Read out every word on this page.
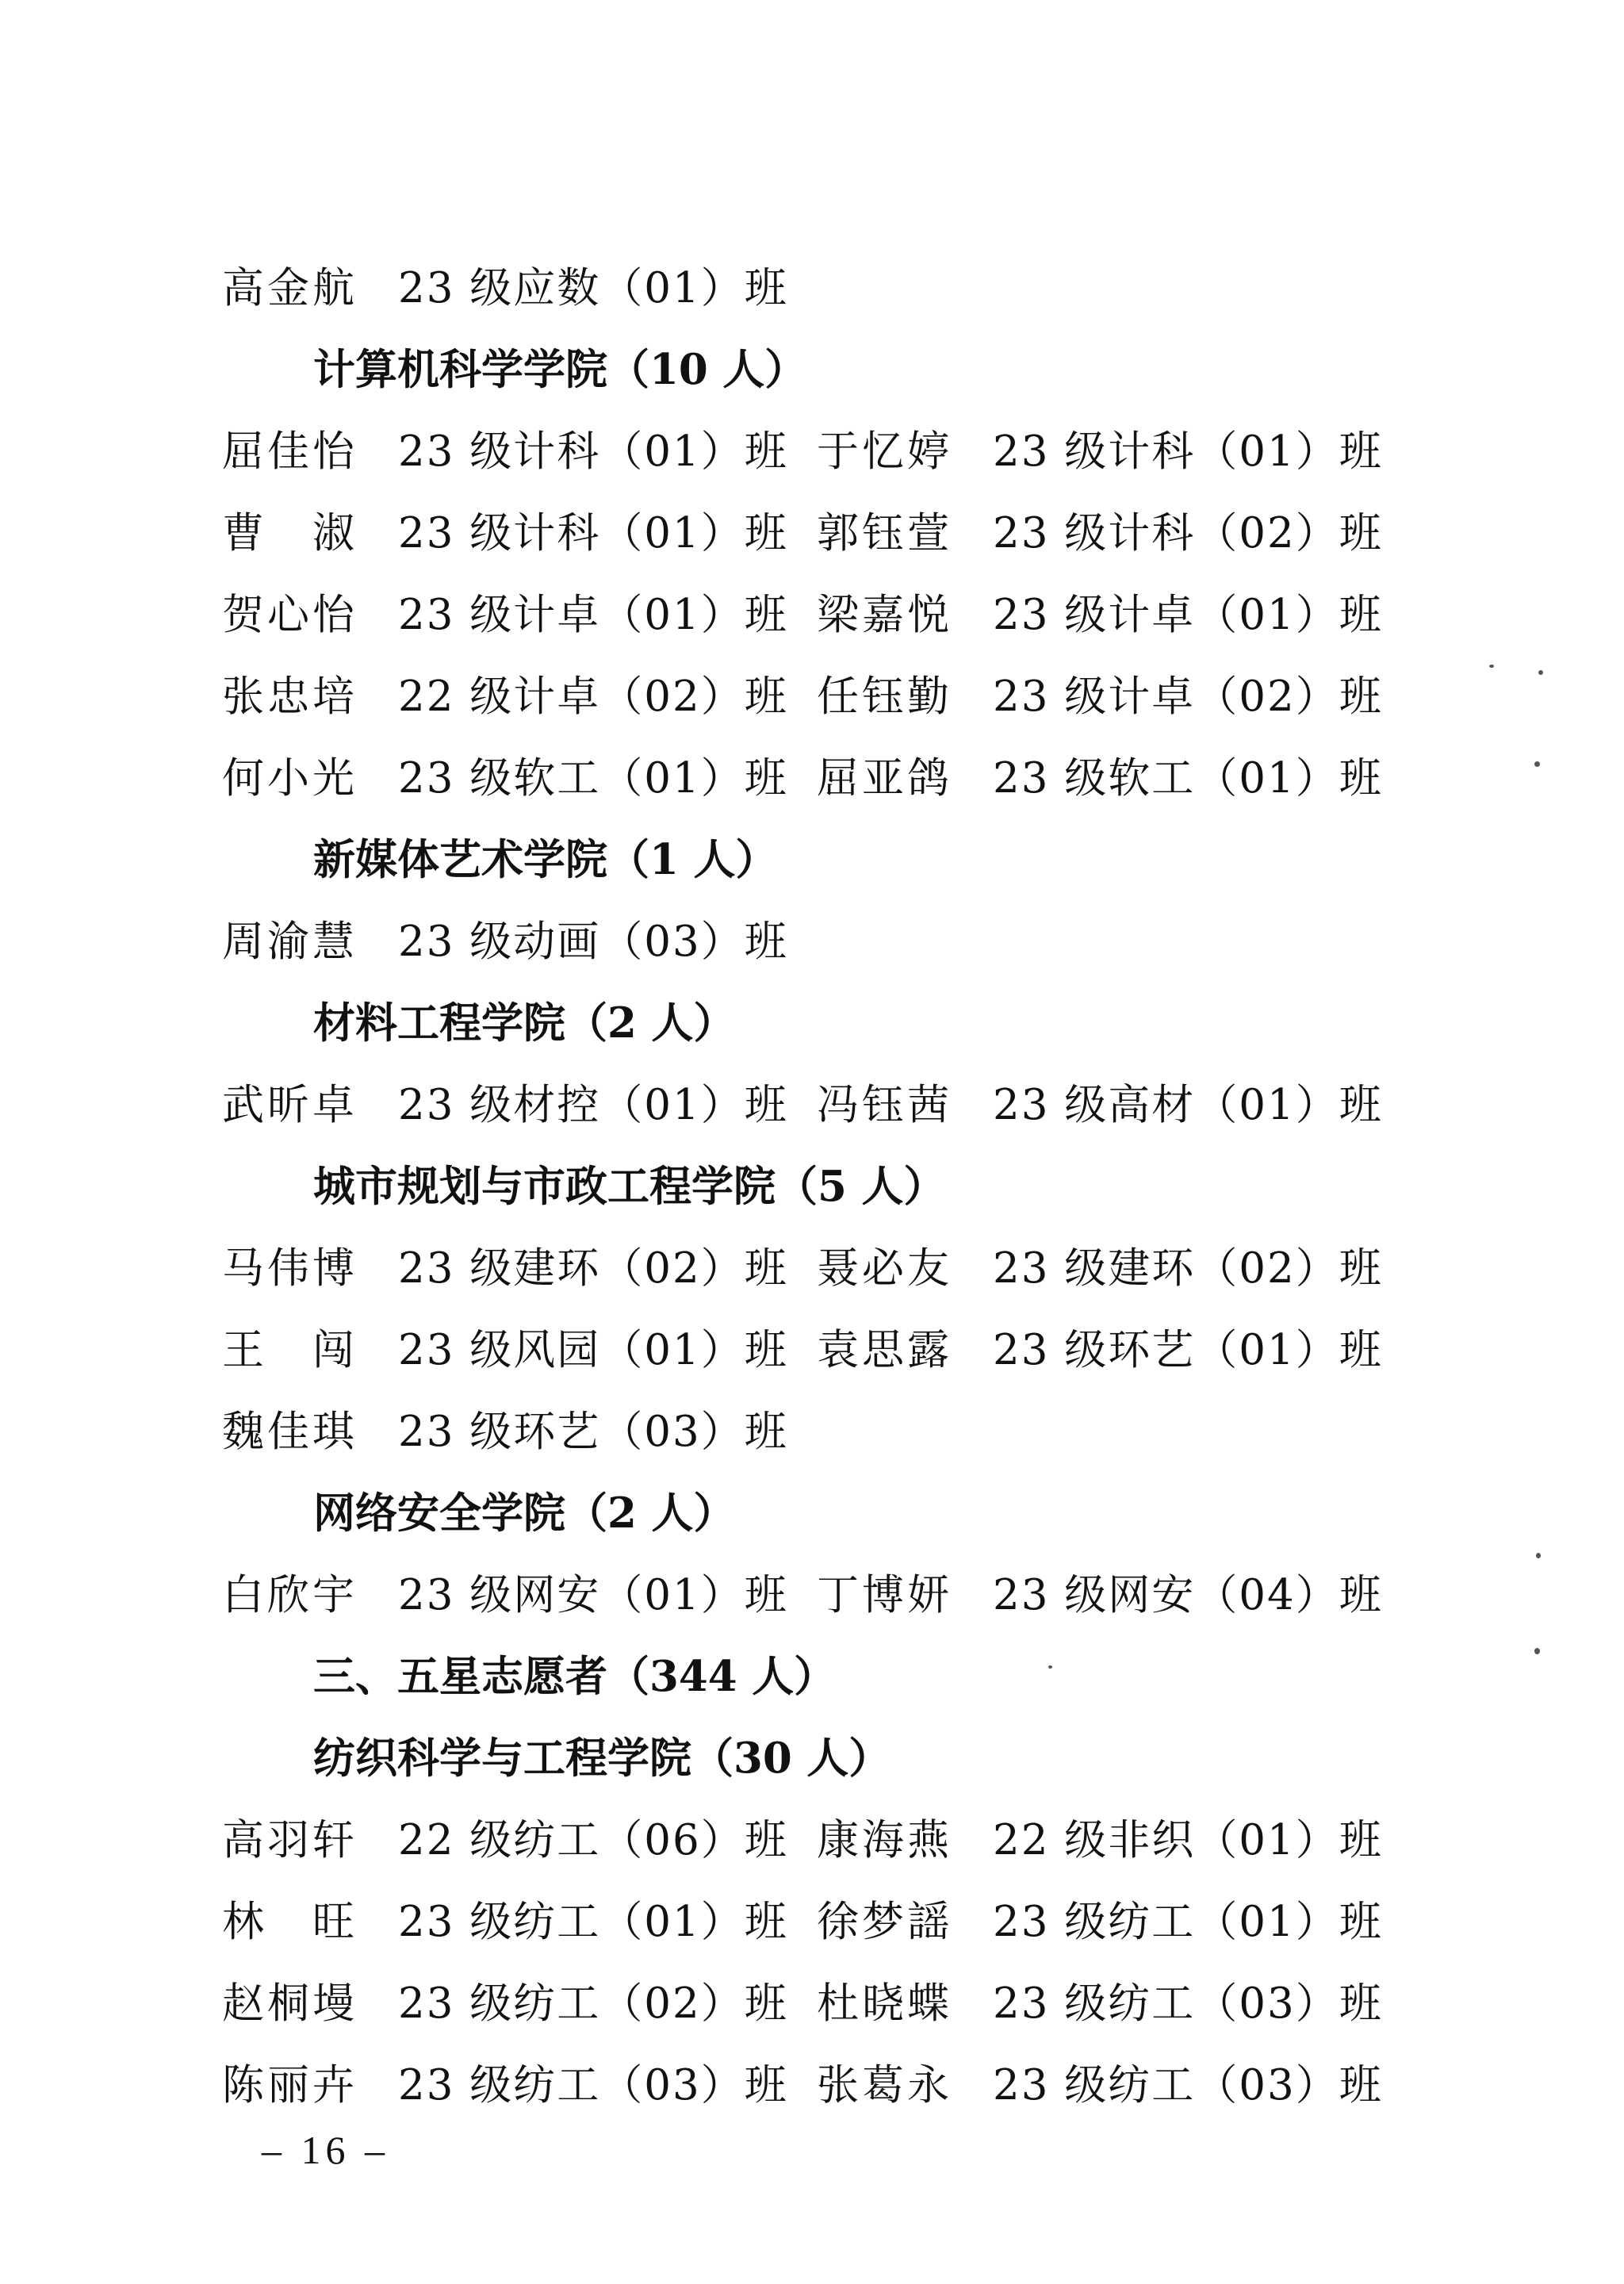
高金航 23 级应数（01）班
计算机科学学院（10 人）
屈佳怡 23 级计科（01）班 于忆婷 23 级计科（01）班
曹　淑 23 级计科（01）班 郭钰萱 23 级计科（02）班
贺心怡 23 级计卓（01）班 梁嘉悦 23 级计卓（01）班
张忠培 22 级计卓（02）班 任钰勤 23 级计卓（02）班
何小光 23 级软工（01）班 屈亚鸽 23 级软工（01）班
新媒体艺术学院（1 人）
周渝慧 23 级动画（03）班
材料工程学院（2 人）
武昕卓 23 级材控（01）班 冯钰茜 23 级高材（01）班
城市规划与市政工程学院（5 人）
马伟博 23 级建环（02）班 聂必友 23 级建环（02）班
王　闯 23 级风园（01）班 袁思露 23 级环艺（01）班
魏佳琪 23 级环艺（03）班
网络安全学院（2 人）
白欣宇 23 级网安（01）班 丁博妍 23 级网安（04）班
三、五星志愿者（344 人）
纺织科学与工程学院（30 人）
高羽轩 22 级纺工（06）班 康海燕 22 级非织（01）班
林　旺 23 级纺工（01）班 徐梦謡 23 级纺工（01）班
赵桐墁 23 级纺工（02）班 杜晓蝶 23 级纺工（03）班
陈丽卉 23 级纺工（03）班 张葛永 23 级纺工（03）班
– 16 –
